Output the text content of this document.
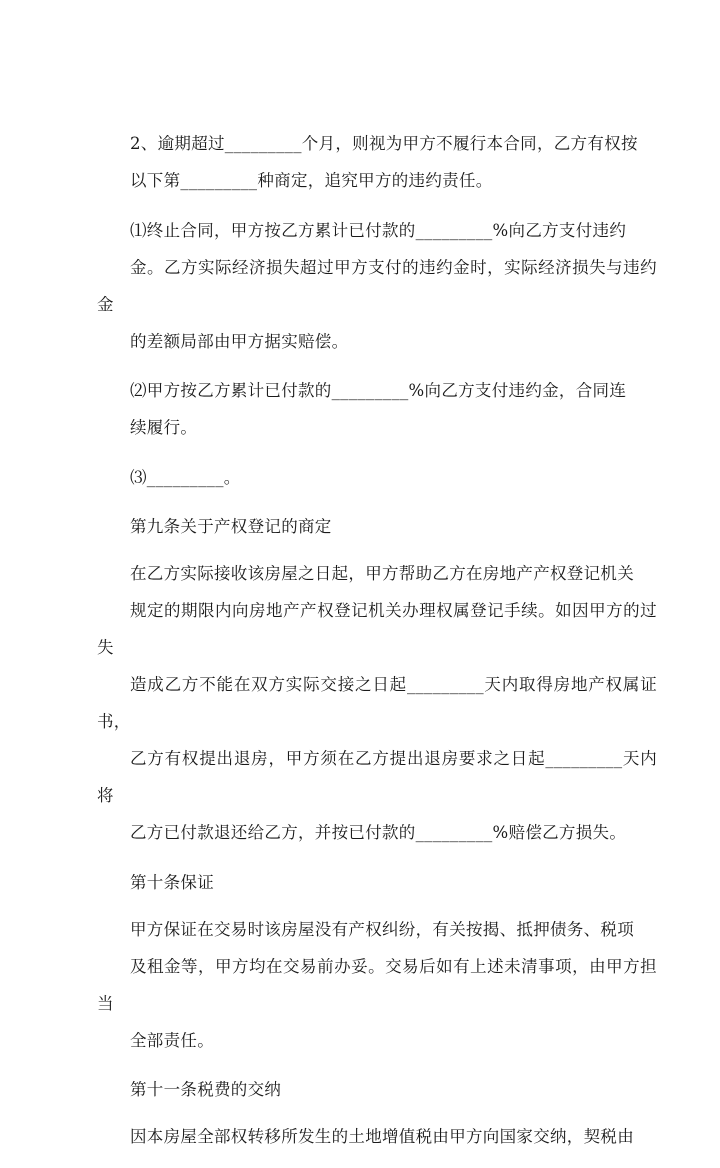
2、逾期超过_________个月，则视为甲方不履行本合同，乙方有权按
以下第_________种商定，追究甲方的违约责任。

⑴终止合同，甲方按乙方累计已付款的_________%向乙方支付违约
金。乙方实际经济损失超过甲方支付的违约金时，实际经济损失与违约金
的差额局部由甲方据实赔偿。

⑵甲方按乙方累计已付款的_________%向乙方支付违约金，合同连
续履行。

⑶_________。

第九条关于产权登记的商定

在乙方实际接收该房屋之日起，甲方帮助乙方在房地产产权登记机关
规定的期限内向房地产产权登记机关办理权属登记手续。如因甲方的过失
造成乙方不能在双方实际交接之日起_________天内取得房地产权属证书，
乙方有权提出退房，甲方须在乙方提出退房要求之日起_________天内将
乙方已付款退还给乙方，并按已付款的_________%赔偿乙方损失。

第十条保证

甲方保证在交易时该房屋没有产权纠纷，有关按揭、抵押债务、税项
及租金等，甲方均在交易前办妥。交易后如有上述未清事项，由甲方担当
全部责任。

第十一条税费的交纳

因本房屋全部权转移所发生的土地增值税由甲方向国家交纳，契税由
